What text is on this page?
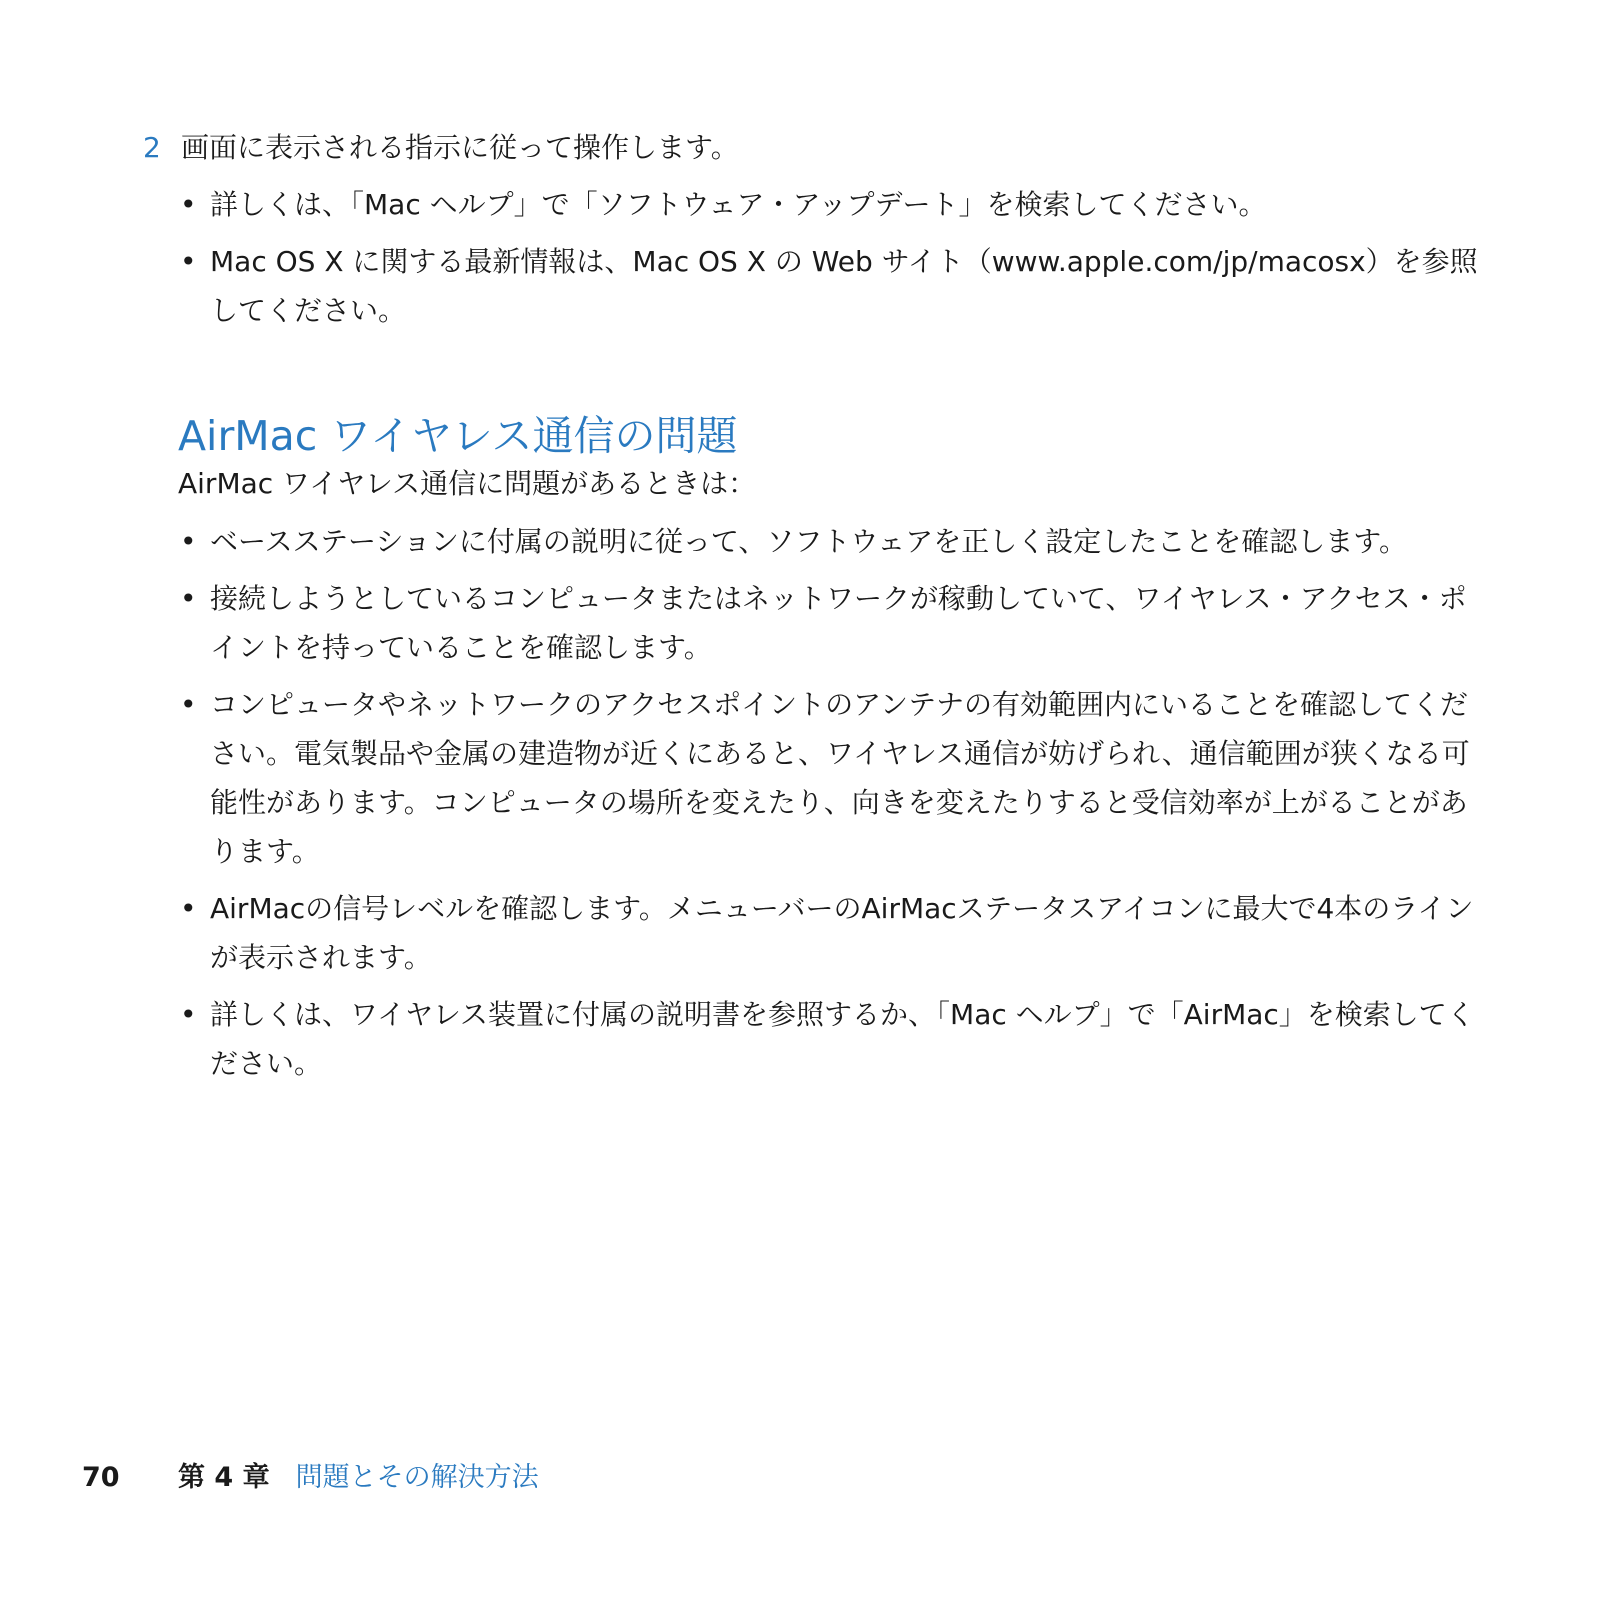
2 画面に表示される指示に従って操作します。
• 詳しくは、「Mac ヘルプ」で「ソフトウェア・アップデート」を検索してください。
• Mac OS X に関する最新情報は、Mac OS X の Web サイト（www.apple.com/jp/macosx）を参照してください。
AirMac ワイヤレス通信の問題
AirMac ワイヤレス通信に問題があるときは：
• ベースステーションに付属の説明に従って、ソフトウェアを正しく設定したことを確認します。
• 接続しようとしているコンピュータまたはネットワークが稼動していて、ワイヤレス・アクセス・ポイントを持っていることを確認します。
• コンピュータやネットワークのアクセスポイントのアンテナの有効範囲内にいることを確認してください。電気製品や金属の建造物が近くにあると、ワイヤレス通信が妨げられ、通信範囲が狭くなる可能性があります。コンピュータの場所を変えたり、向きを変えたりすると受信効率が上がることがあります。
• AirMacの信号レベルを確認します。メニューバーのAirMacステータスアイコンに最大で4本のラインが表示されます。
• 詳しくは、ワイヤレス装置に付属の説明書を参照するか、「Mac ヘルプ」で「AirMac」を検索してください。
70	第 4 章 問題とその解決方法
